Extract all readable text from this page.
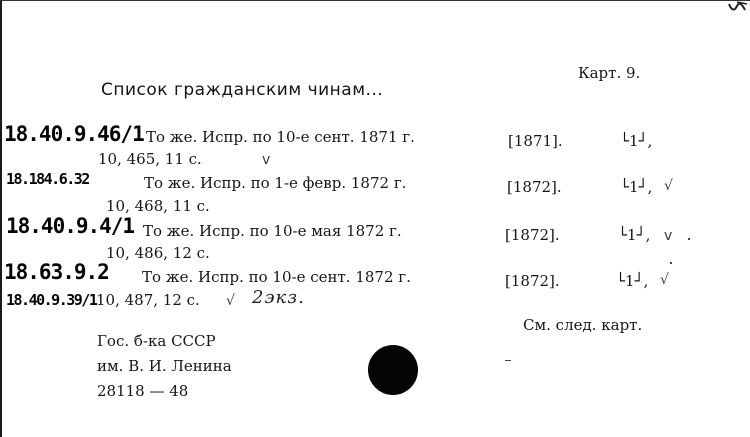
Карт. 9.
Список гражданским чинам...
18.40.9.46/1 То же. Испр. по 10-е сент. 1871 г.	[1871].	└1┘,
10, 465, 11 с.	ⅴ
18.184.6.32	То же. Испр. по 1-е февр. 1872 г.	[1872].	└1┘, √
10, 468, 11 с.
18.40.9.4/1 То же. Испр. по 10-е мая 1872 г.	[1872].	└1┘, ⅴ
10, 486, 12 с.
18.63.9.2 То же. Испр. по 10-е сент. 1872 г.	[1872].	└1┘, √
18.40.9.39/1 10, 487, 12 с. √ 2экз.
См. след. карт.
Гос. б-ка СССР
им. В. И. Ленина
28118 — 48
